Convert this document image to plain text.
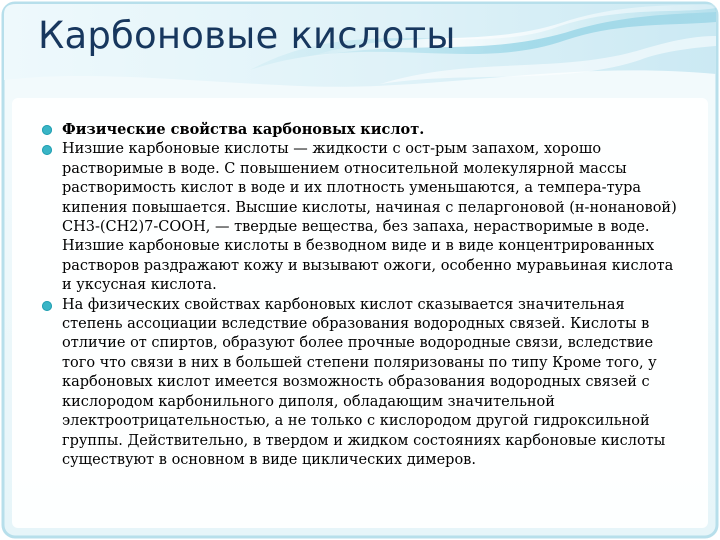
Карбоновые кислоты
Физические свойства карбоновых кислот.
Низшие карбоновые кислоты — жидкости с ост-рым запахом, хорошо растворимые в воде. С повышением относительной молекулярной массы растворимость кислот в воде и их плотность уменьшаются, а темпера-тура кипения повышается. Высшие кислоты, начиная с пеларгоновой (н-нонановой) СН3-(СН2)7-СООН, — твердые вещества, без запаха, нерастворимые в воде. Низшие карбоновые кислоты в безводном виде и в виде концентрированных растворов раздражают кожу и вызывают ожоги, особенно муравьиная кислота и уксусная кислота.
На физических свойствах карбоновых кислот сказывается значительная степень ассоциации вследствие образования водородных связей. Кислоты в отличие от спиртов, образуют более прочные водородные связи, вследствие того что связи в них в большей степени поляризованы по типу Кроме того, у карбоновых кислот имеется возможность образования водородных связей с кислородом карбонильного диполя, обладающим значительной электроотрицательностью, а не только с кислородом другой гидроксильной группы. Действительно, в твердом и жидком состояниях карбоновые кислоты существуют в основном в виде циклических димеров.
